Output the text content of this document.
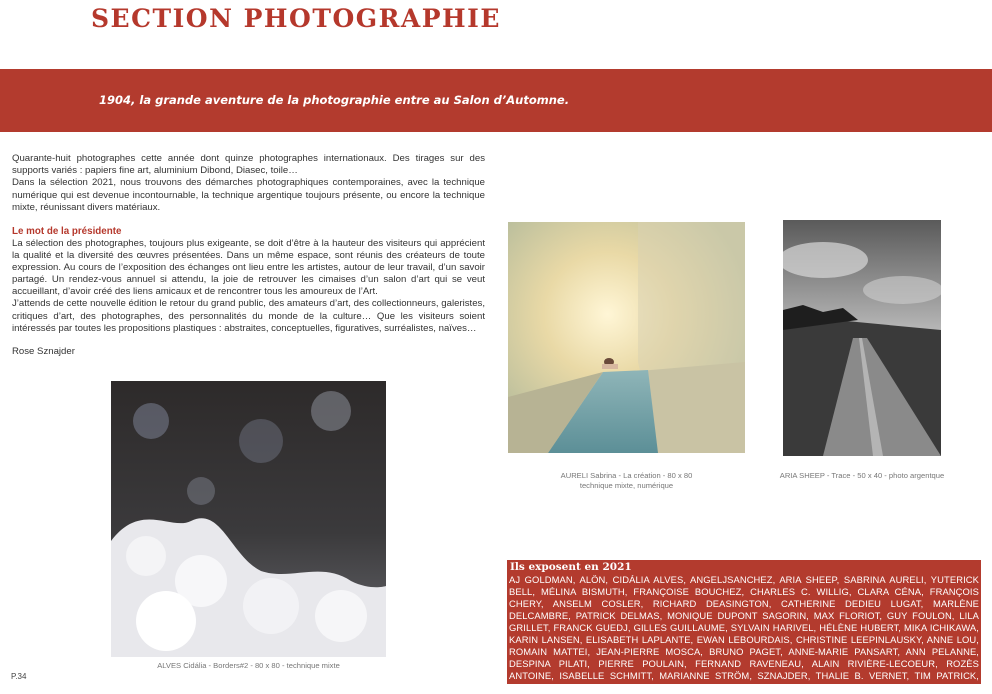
SECTION PHOTOGRAPHIE

1904, la grande aventure de la photographie entre au Salon d’Automne.

Quarante-huit photographes cette année dont quinze photographes internationaux. Des tirages sur des supports variés : papiers fine art, aluminium Dibond, Diasec, toile…

Dans la sélection 2021, nous trouvons des démarches photographiques contemporaines, avec la technique numérique qui est devenue incontournable, la technique argentique toujours présente, ou encore la technique mixte, réunissant divers matériaux.

Le mot de la présidente

La sélection des photographes, toujours plus exigeante, se doit d’être à la hauteur des visiteurs qui apprécient la qualité et la diversité des œuvres présentées. Dans un même espace, sont réunis des créateurs de toute expression. Au cours de l’exposition des échanges ont lieu entre les artistes, autour de leur travail, d’un savoir partagé. Un rendez-vous annuel si attendu, la joie de retrouver les cimaises d’un salon d’art qui se veut accueillant, d’avoir créé des liens amicaux et de rencontrer tous les amoureux de l’Art.

J’attends de cette nouvelle édition le retour du grand public, des amateurs d’art, des collectionneurs, galeristes, critiques d’art, des photographes, des personnalités du monde de la culture… Que les visiteurs soient intéressés par toutes les propositions plastiques : abstraites, conceptuelles, figuratives, surréalistes, naïves…

Rose Sznajder

AURELI Sabrina - La création - 80 x 80
technique mixte, numérique

ARIA SHEEP - Trace - 50 x 40 - photo argentque

ALVES Cidália - Borders#2 - 80 x 80 - technique mixte

P.34

Ils exposent en 2021

AJ GOLDMAN, ALÖN, CIDÁLIA ALVES, ANGELJSANCHEZ, ARIA SHEEP, SABRINA AURELI, YUTERICK BELL, MÉLINA BISMUTH, FRANÇOISE BOUCHEZ, CHARLES C. WILLIG, CLARA CÉNA, FRANÇOIS CHERY, ANSELM COSLER, RICHARD DEASINGTON, CATHERINE DEDIEU LUGAT, MARLÈNE DELCAMBRE, PATRICK DELMAS, MONIQUE DUPONT SAGORIN, MAX FLORIOT, GUY FOULON, LILA GRILLET, FRANCK GUEDJ, GILLES GUILLAUME, SYLVAIN HARIVEL, HÉLÈNE HUBERT, MIKA ICHIKAWA, KARIN LANSEN, ELISABETH LAPLANTE, EWAN LEBOURDAIS, CHRISTINE LEEPINLAUSKY, ANNE LOU, ROMAIN MATTEI, JEAN-PIERRE MOSCA, BRUNO PAGET, ANNE-MARIE PANSART, ANN PELANNE, DESPINA PILATI, PIERRE POULAIN, FERNAND RAVENEAU, ALAIN RIVIÈRE-LECOEUR, ROZÈS ANTOINE, ISABELLE SCHMITT, MARIANNE STRÖM, SZNAJDER, THALIE B. VERNET, TIM PATRICK, KUMIKO WAKABAYASHI, MONIQUE WENDER
